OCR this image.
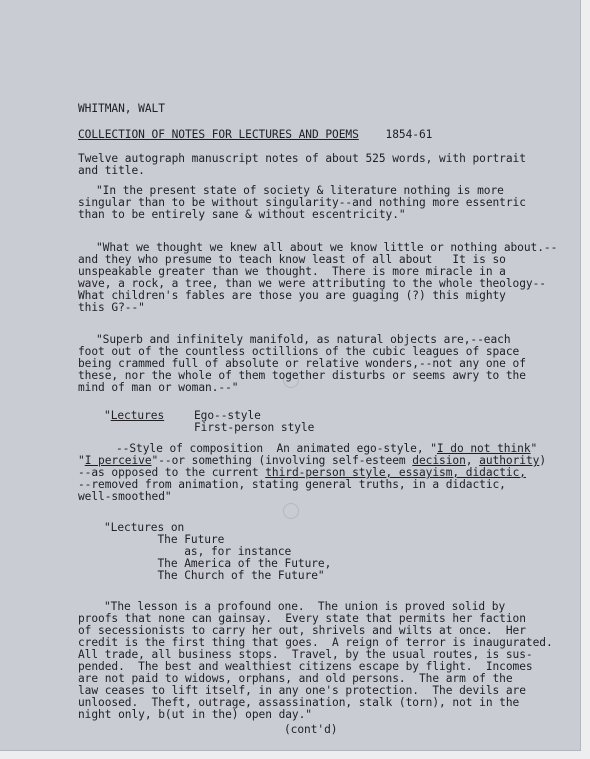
WHITMAN, WALT
COLLECTION OF NOTES FOR LECTURES AND POEMS 1854-61
Twelve autograph manuscript notes of about 525 words, with portrait
and title.
"In the present state of society & literature nothing is more
singular than to be without singularity--and nothing more essentric
than to be entirely sane & without escentricity."
"What we thought we knew all about we know little or nothing about.--
and they who presume to teach know least of all about   It is so
unspeakable greater than we thought.  There is more miracle in a
wave, a rock, a tree, than we were attributing to the whole theology--
What children's fables are those you are guaging (?) this mighty
this G?--"
"Superb and infinitely manifold, as natural objects are,--each
foot out of the countless octillions of the cubic leagues of space
being crammed full of absolute or relative wonders,--not any one of
these, nor the whole of them together disturbs or seems awry to the
mind of man or woman.--"
"Lectures	Ego--style
First-person style
--Style of composition  An animated ego-style, "I do not think"
"I perceive"--or something (involving self-esteem decision, authority)
--as opposed to the current third-person style, essayism, didactic,
--removed from animation, stating general truths, in a didactic,
well-smoothed"
"Lectures on
The Future
as, for instance
The America of the Future,
The Church of the Future"
"The lesson is a profound one.  The union is proved solid by
proofs that none can gainsay.  Every state that permits her faction
of secessionists to carry her out, shrivels and wilts at once.  Her
credit is the first thing that goes.  A reign of terror is inaugurated.
All trade, all business stops.  Travel, by the usual routes, is sus-
pended.  The best and wealthiest citizens escape by flight.  Incomes
are not paid to widows, orphans, and old persons.  The arm of the
law ceases to lift itself, in any one's protection.  The devils are
unloosed.  Theft, outrage, assassination, stalk (torn), not in the
night only, b(ut in the) open day."
(cont'd)
